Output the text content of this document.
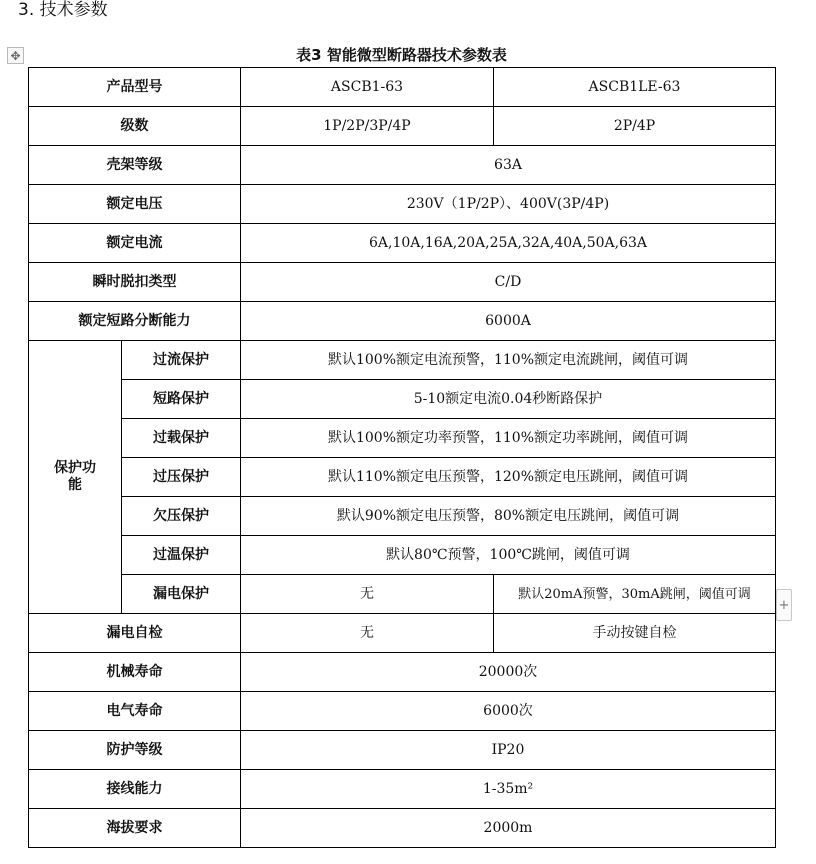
3. 技术参数
✥	表3 智能微型断路器技术参数表
产品型号		ASCB1-63	ASCB1LE-63
级数		1P/2P/3P/4P	2P/4P
壳架等级		63A	
额定电压		230V（1P/2P）、400V(3P/4P)	
额定电流		6A,10A,16A,20A,25A,32A,40A,50A,63A	
瞬时脱扣类型		C/D	
额定短路分断能力		6000A	
保护功能	过流保护	默认100%额定电流预警，110%额定电流跳闸，阈值可调	
	短路保护	5-10额定电流0.04秒断路保护	
	过载保护	默认100%额定功率预警，110%额定功率跳闸，阈值可调	
	过压保护	默认110%额定电压预警，120%额定电压跳闸，阈值可调	
	欠压保护	默认90%额定电压预警，80%额定电压跳闸，阈值可调	
	过温保护	默认80℃预警，100℃跳闸，阈值可调	
	漏电保护	无	默认20mA预警，30mA跳闸，阈值可调
漏电自检		无	手动按键自检
机械寿命		20000次	
电气寿命		6000次	
防护等级		IP20	
接线能力		1-35m²	
海拔要求		2000m	
+
